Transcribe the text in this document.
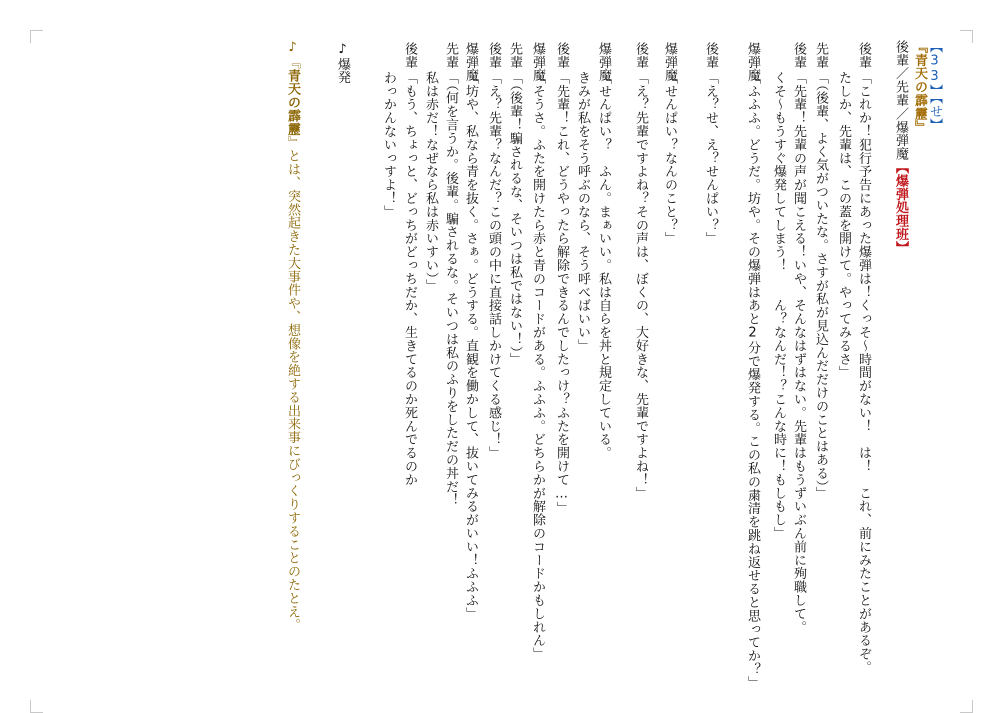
【33】【せ】
『青天の霹靂』
後輩／先輩／爆弾魔【爆弾処理班】
後輩
「これか！犯行予告にあった爆弾は！くっそ～時間がない！　は！　これ、前にみたことがあるぞ。
たしか、先輩は、この蓋を開けて。やってみるさ」
先輩
「（後輩、よく気がついたな。さすが私が見込んだだけのことはある）」
後輩
「先輩！先輩の声が聞こえる！いや、そんなはずはない。先輩はもうずいぶん前に殉職して。
くそ～もうすぐ爆発してしまう！　　ん？なんだ！？こんな時に！もしもし」
爆弾魔
「ふふふ。どうだ。坊や。その爆弾はあと2分で爆発する。この私の粛清を跳ね返せると思ってか？」
後輩
「え？せ、え？せんぱい？」
爆弾魔
「せんぱい？なんのこと？」
後輩
「え？先輩ですよね？その声は、ぼくの、大好きな、先輩ですよね！」
爆弾魔
「せんぱい？　ふん。まぁいい。私は自らを丼と規定している。
きみが私をそう呼ぶのなら、そう呼べばいい」
後輩
「先輩！これ、どうやったら解除できるんでしたっけ？ふたを開けて…」
爆弾魔
「そうさ。ふたを開けたら赤と青のコードがある。ふふふ。どちらかが解除のコードかもしれん」
先輩
「（後輩！騙されるな、そいつは私ではない！）」
後輩
「え？先輩？なんだ？この頭の中に直接話しかけてくる感じ！」
爆弾魔
「坊や、私なら青を抜く。さぁ。どうする。直観を働かして、抜いてみるがいい！ふふふ」
先輩
「（何を言うか。後輩。騙されるな。そいつは私のふりをしただの丼だ！
私は赤だ！なぜなら私は赤いすい）」
後輩
「もう、ちょっと、どっちがどっちだか、生きてるのか死んでるのか
わっかんないっすよ！」
♪爆発
♪『青天の霹靂』とは、突然起きた大事件や、想像を絶する出来事にびっくりすることのたとえ。
